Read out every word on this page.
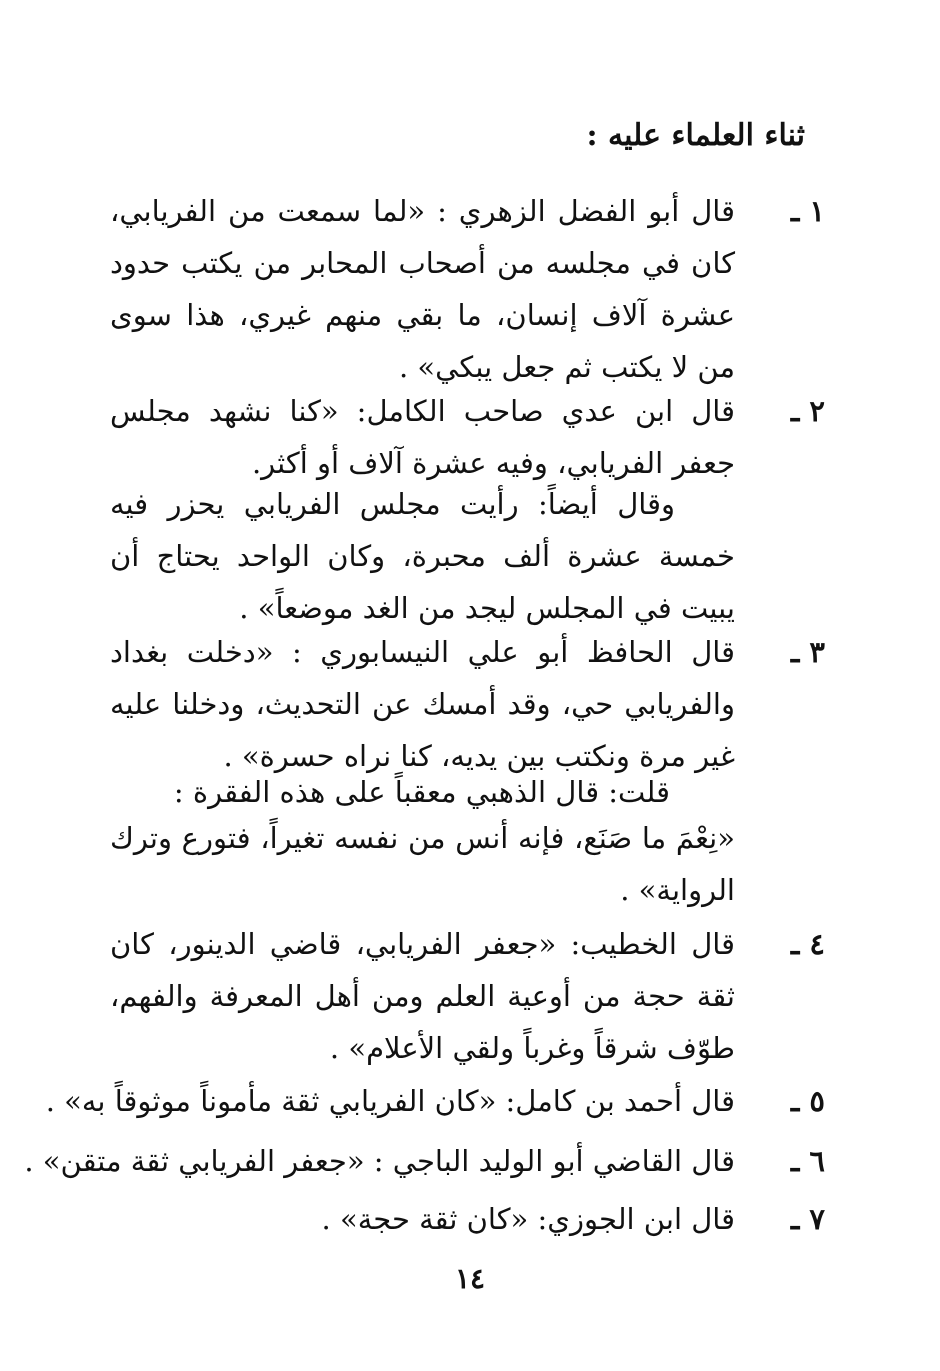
ثناء العلماء عليه :
١ ـ
قال أبو الفضل الزهري : «لما سمعت من الفريابي، كان في مجلسه من أصحاب المحابر من يكتب حدود عشرة آلاف إنسان، ما بقي منهم غيري، هذا سوى من لا يكتب ثم جعل يبكي» .
٢ ـ
قال ابن عدي صاحب الكامل: «كنا نشهد مجلس جعفر الفريابي، وفيه عشرة آلاف أو أكثر.
وقال أيضاً: رأيت مجلس الفريابي يحزر فيه خمسة عشرة ألف محبرة، وكان الواحد يحتاج أن يبيت في المجلس ليجد من الغد موضعاً» .
٣ ـ
قال الحافظ أبو علي النيسابوري : «دخلت بغداد والفريابي حي، وقد أمسك عن التحديث، ودخلنا عليه غير مرة ونكتب بين يديه، كنا نراه حسرة» .
قلت: قال الذهبي معقباً على هذه الفقرة :
«نِعْمَ ما صَنَع، فإنه أنس من نفسه تغيراً، فتورع وترك الرواية» .
٤ ـ
قال الخطيب: «جعفر الفريابي، قاضي الدينور، كان ثقة حجة من أوعية العلم ومن أهل المعرفة والفهم، طوّف شرقاً وغرباً ولقي الأعلام» .
٥ ـ
قال أحمد بن كامل: «كان الفريابي ثقة مأموناً موثوقاً به» .
٦ ـ
قال القاضي أبو الوليد الباجي : «جعفر الفريابي ثقة متقن» .
٧ ـ
قال ابن الجوزي: «كان ثقة حجة» .
١٤
